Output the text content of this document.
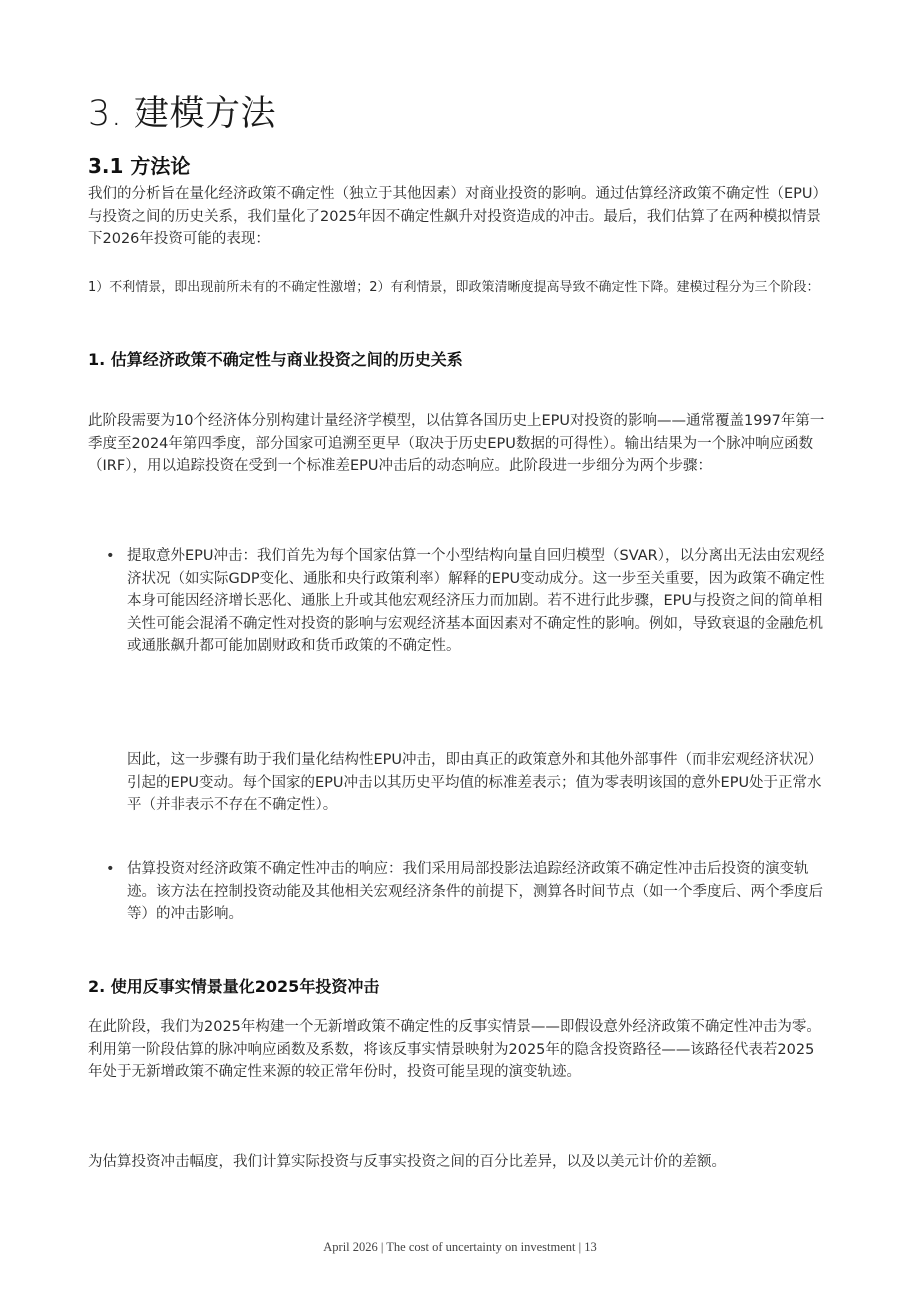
3. 建模方法
3.1 方法论

我们的分析旨在量化经济政策不确定性（独立于其他因素）对商业投资的影响。通过估算经济政策不确定性（EPU）与投资之间的历史关系，我们量化了2025年因不确定性飙升对投资造成的冲击。最后，我们估算了在两种模拟情景下2026年投资可能的表现：

1）不利情景，即出现前所未有的不确定性激增；2）有利情景，即政策清晰度提高导致不确定性下降。建模过程分为三个阶段：

1. 估算经济政策不确定性与商业投资之间的历史关系

此阶段需要为10个经济体分别构建计量经济学模型，以估算各国历史上EPU对投资的影响——通常覆盖1997年第一季度至2024年第四季度，部分国家可追溯至更早（取决于历史EPU数据的可得性）。输出结果为一个脉冲响应函数（IRF），用以追踪投资在受到一个标准差EPU冲击后的动态响应。此阶段进一步细分为两个步骤：

• 提取意外EPU冲击：我们首先为每个国家估算一个小型结构向量自回归模型（SVAR），以分离出无法由宏观经济状况（如实际GDP变化、通胀和央行政策利率）解释的EPU变动成分。这一步至关重要，因为政策不确定性本身可能因经济增长恶化、通胀上升或其他宏观经济压力而加剧。若不进行此步骤，EPU与投资之间的简单相关性可能会混淆不确定性对投资的影响与宏观经济基本面因素对不确定性的影响。例如，导致衰退的金融危机或通胀飙升都可能加剧财政和货币政策的不确定性。

因此，这一步骤有助于我们量化结构性EPU冲击，即由真正的政策意外和其他外部事件（而非宏观经济状况）引起的EPU变动。每个国家的EPU冲击以其历史平均值的标准差表示；值为零表明该国的意外EPU处于正常水平（并非表示不存在不确定性）。

• 估算投资对经济政策不确定性冲击的响应：我们采用局部投影法追踪经济政策不确定性冲击后投资的演变轨迹。该方法在控制投资动能及其他相关宏观经济条件的前提下，测算各时间节点（如一个季度后、两个季度后等）的冲击影响。

2. 使用反事实情景量化2025年投资冲击

在此阶段，我们为2025年构建一个无新增政策不确定性的反事实情景——即假设意外经济政策不确定性冲击为零。利用第一阶段估算的脉冲响应函数及系数，将该反事实情景映射为2025年的隐含投资路径——该路径代表若2025年处于无新增政策不确定性来源的较正常年份时，投资可能呈现的演变轨迹。

为估算投资冲击幅度，我们计算实际投资与反事实投资之间的百分比差异，以及以美元计价的差额。

April 2026 | The cost of uncertainty on investment | 13
